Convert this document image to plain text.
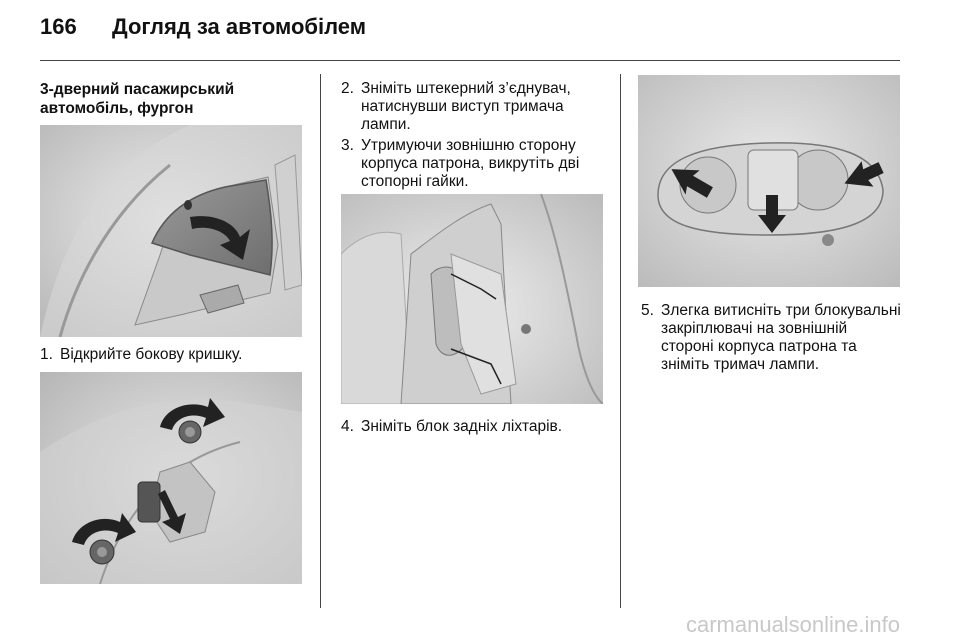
166 Догляд за автомобілем
3-дверний пасажирський автомобіль, фургон
1. Відкрийте бокову кришку.
2. Зніміть штекерний з’єднувач, натиснувши виступ тримача лампи.
3. Утримуючи зовнішню сторону корпуса патрона, викрутіть дві стопорні гайки.
4. Зніміть блок задніх ліхтарів.
5. Злегка витисніть три блокувальні закріплювачі на зовнішній стороні корпуса патрона та зніміть тримач лампи.
carmanualsonline.info
